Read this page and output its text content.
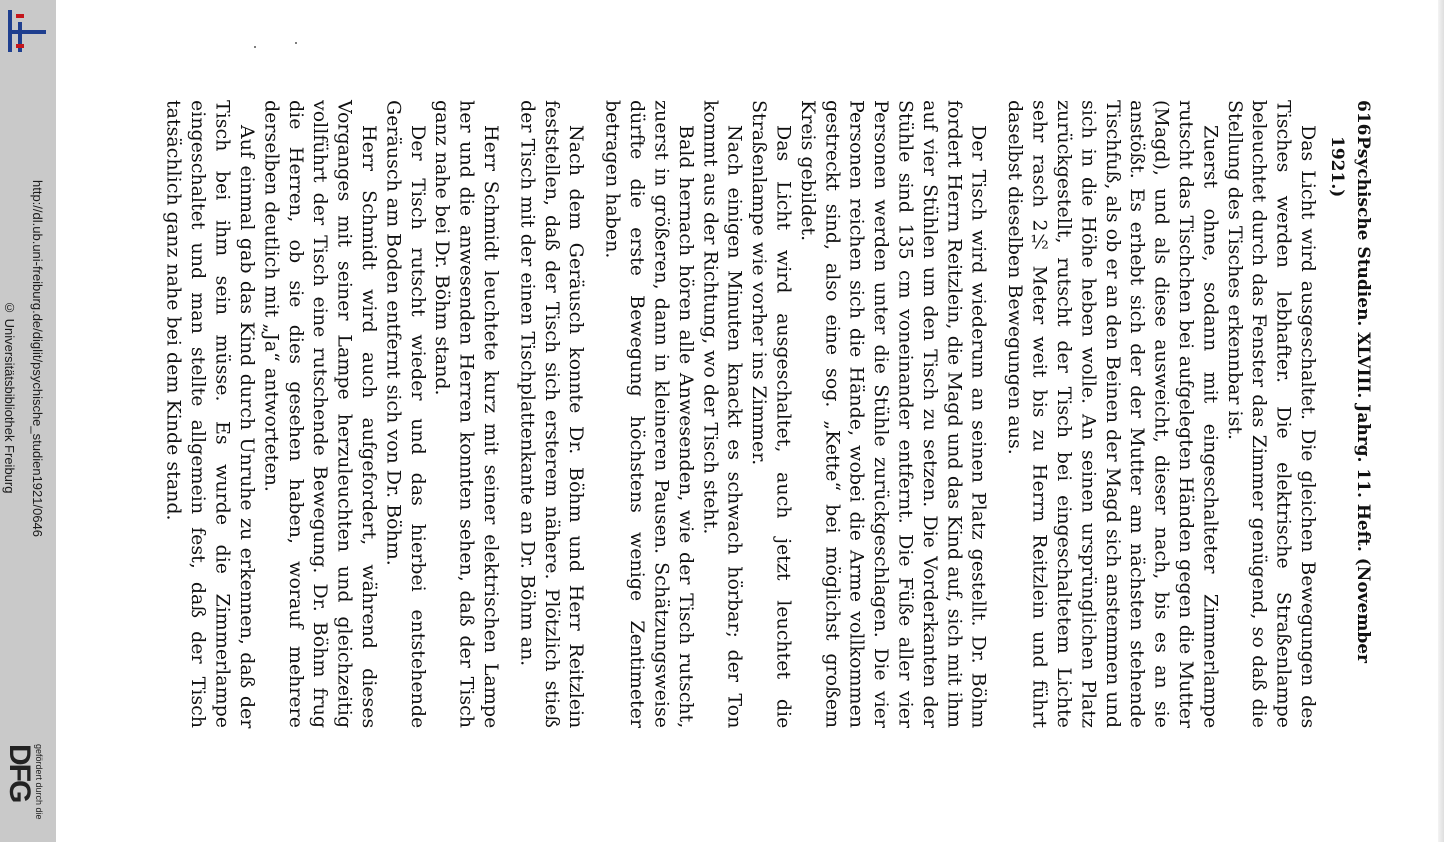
http://dl.ub.uni-freiburg.de/diglit/psychische_studien1921/0646
© Universitätsbibliothek Freiburg
gefördert durch die
DFG
616
Psychische Studien. XLVIII. Jahrg. 11. Heft. (November 1921.)

Das Licht wird ausgeschaltet. Die gleichen Bewegungen des Tisches werden lebhafter. Die elektrische Straßenlampe beleuchtet durch das Fenster das Zimmer genügend, so daß die Stellung des Tisches erkennbar ist.

Zuerst ohne, sodann mit eingeschalteter Zimmerlampe rutscht das Tischchen bei aufgelegten Händen gegen die Mutter (Magd), und als diese ausweicht, dieser nach, bis es an sie anstößt. Es erhebt sich der der Mutter am nächsten stehende Tischfuß, als ob er an den Beinen der Magd sich anstemmen und sich in die Höhe heben wolle. An seinen ursprünglichen Platz zurückgestellt, rutscht der Tisch bei eingeschaltetem Lichte sehr rasch 2½ Meter weit bis zu Herrn Reitzlein und führt daselbst dieselben Bewegungen aus.

Der Tisch wird wiederum an seinen Platz gestellt. Dr. Böhm fordert Herrn Reitzlein, die Magd und das Kind auf, sich mit ihm auf vier Stühlen um den Tisch zu setzen. Die Vorderkanten der Stühle sind 135 cm voneinander entfernt. Die Füße aller vier Personen werden unter die Stühle zurückgeschlagen. Die vier Personen reichen sich die Hände, wobei die Arme vollkommen gestreckt sind, also eine sog. „Kette“ bei möglichst großem Kreis gebildet.

Das Licht wird ausgeschaltet, auch jetzt leuchtet die Straßenlampe wie vorher ins Zimmer.

Nach einigen Minuten knackt es schwach hörbar; der Ton kommt aus der Richtung, wo der Tisch steht.

Bald hernach hören alle Anwesenden, wie der Tisch rutscht, zuerst in größeren, dann in kleineren Pausen. Schätzungsweise dürfte die erste Bewegung höchstens wenige Zentimeter betragen haben.

Nach dem Geräusch konnte Dr. Böhm und Herr Reitzlein feststellen, daß der Tisch sich ersterem nähere. Plötzlich stieß der Tisch mit der einen Tischplattenkante an Dr. Böhm an.

Herr Schmidt leuchtete kurz mit seiner elektrischen Lampe her und die anwesenden Herren konnten sehen, daß der Tisch ganz nahe bei Dr. Böhm stand.

Der Tisch rutscht wieder und das hierbei entstehende Geräusch am Boden entfernt sich von Dr. Böhm.

Herr Schmidt wird auch aufgefordert, während dieses Vorganges mit seiner Lampe herzuleuchten und gleichzeitig vollführt der Tisch eine rutschende Bewegung. Dr. Böhm frug die Herren, ob sie dies gesehen haben, worauf mehrere derselben deutlich mit „Ja“ antworteten.

Auf einmal gab das Kind durch Unruhe zu erkennen, daß der Tisch bei ihm sein müsse. Es wurde die Zimmerlampe eingeschaltet und man stellte allgemein fest, daß der Tisch tatsächlich ganz nahe bei dem Kinde stand.
